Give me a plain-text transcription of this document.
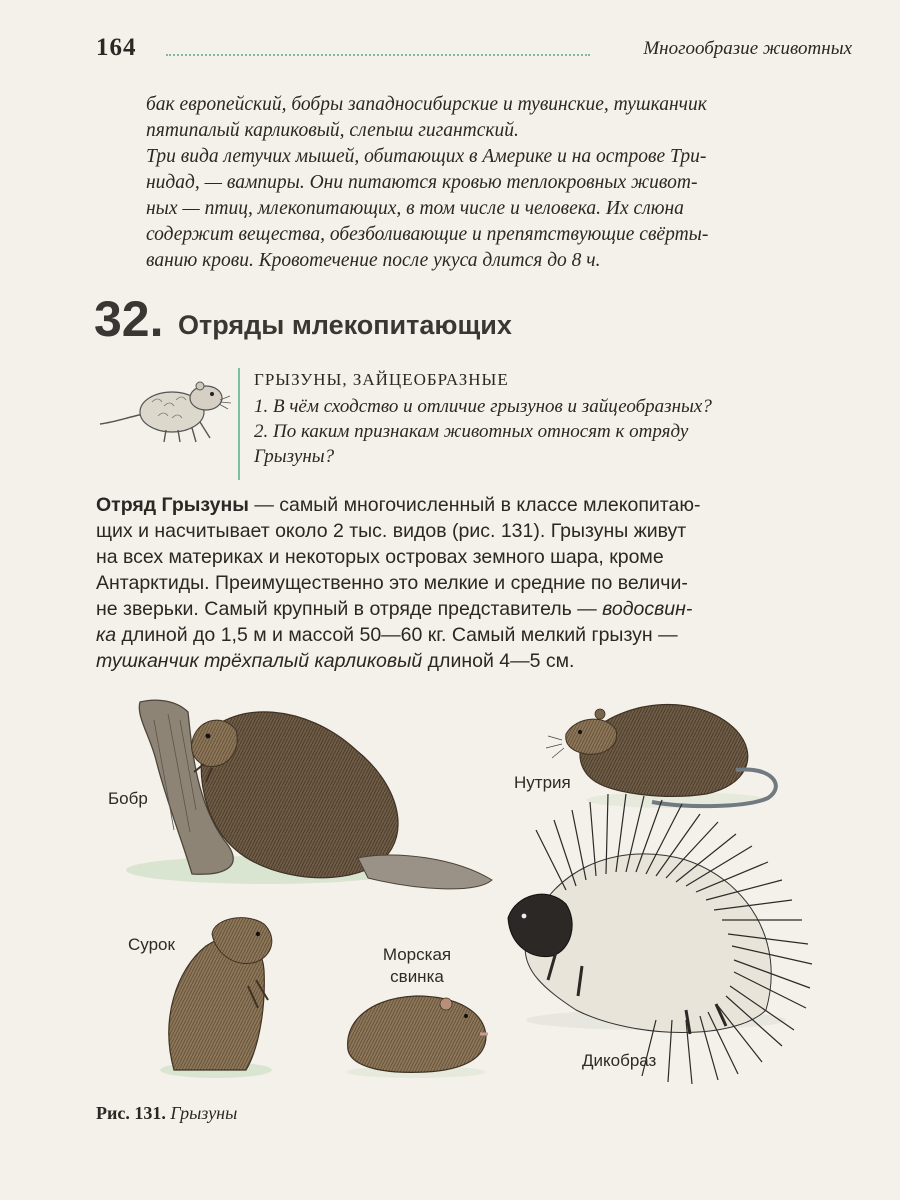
164	Многообразие животных

бак европейский, бобры западносибирские и тувинские, тушканчик

пятипалый карликовый, слепыш гигантский.

Три вида летучих мышей, обитающих в Америке и на острове Три-

нидад, — вампиры. Они питаются кровью теплокровных живот-

ных — птиц, млекопитающих, в том числе и человека. Их слюна

содержит вещества, обезболивающие и препятствующие свёрты-

ванию крови. Кровотечение после укуса длится до 8 ч.

32. Отряды млекопитающих
ГРЫЗУНЫ, ЗАЙЦЕОБРАЗНЫЕ
1. В чём сходство и отличие грызунов и зайцеобразных?
2. По каким признакам животных относят к отряду
Грызуны?
Отряд Грызуны — самый многочисленный в классе млекопитаю-
щих и насчитывает около 2 тыс. видов (рис. 131). Грызуны живут
на всех материках и некоторых островах земного шара, кроме
Антарктиды. Преимущественно это мелкие и средние по величи-
не зверьки. Самый крупный в отряде представитель — водосвин-
ка длиной до 1,5 м и массой 50—60 кг. Самый мелкий грызун —
тушканчик трёхпалый карликовый длиной 4—5 см.
Бобр
Нутрия
Сурок
Морская
свинка
Дикобраз
Рис. 131. Грызуны
